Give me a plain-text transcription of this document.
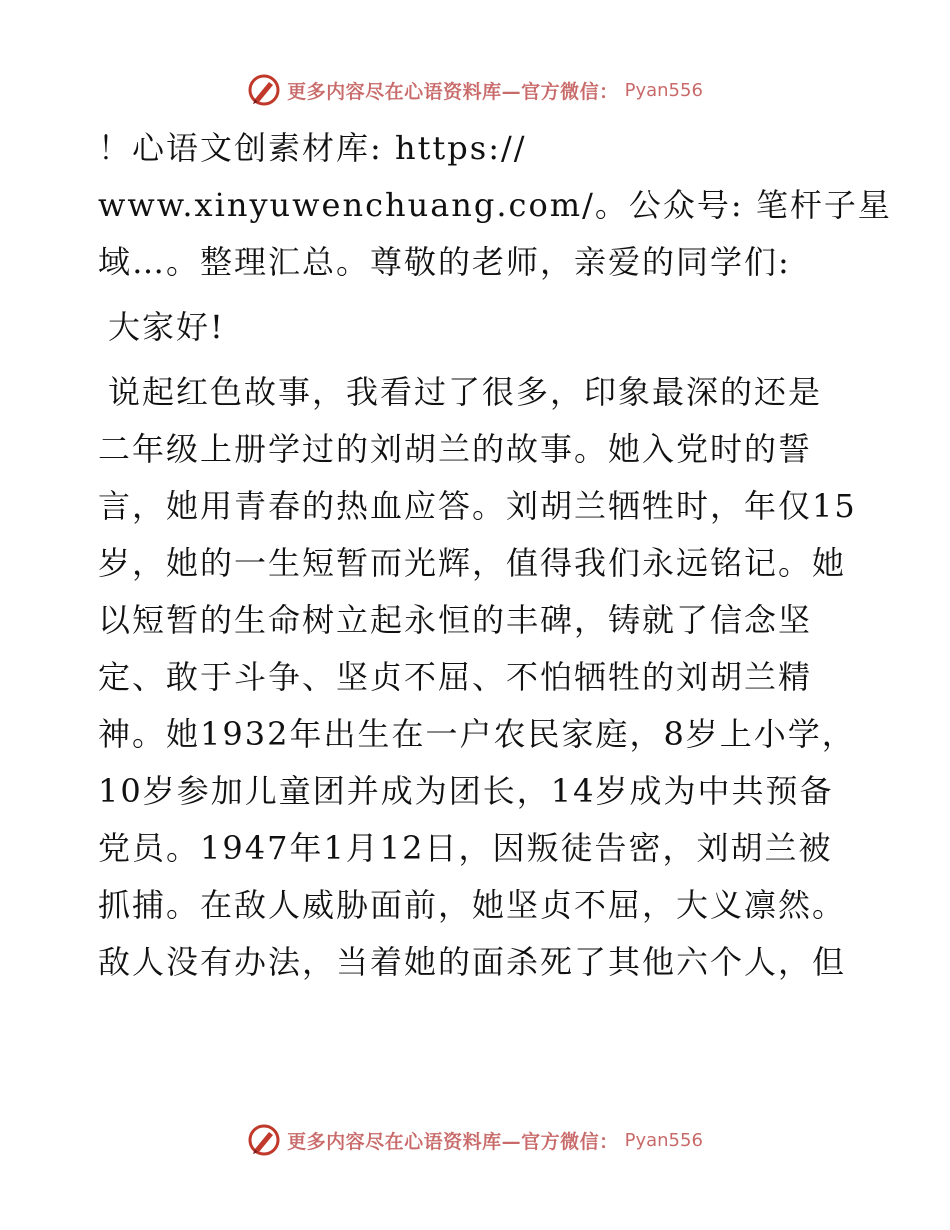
更多内容尽在心语资料库—官方微信： Pyan556
！心语文创素材库: https://
www.xinyuwenchuang.com/。公众号: 笔杆子星
域…。整理汇总。尊敬的老师，亲爱的同学们:
大家好!
说起红色故事，我看过了很多，印象最深的还是
二年级上册学过的刘胡兰的故事。她入党时的誓
言，她用青春的热血应答。刘胡兰牺牲时，年仅15
岁，她的一生短暂而光辉，值得我们永远铭记。她
以短暂的生命树立起永恒的丰碑，铸就了信念坚
定、敢于斗争、坚贞不屈、不怕牺牲的刘胡兰精
神。她1932年出生在一户农民家庭，8岁上小学，
10岁参加儿童团并成为团长，14岁成为中共预备
党员。1947年1月12日，因叛徒告密，刘胡兰被
抓捕。在敌人威胁面前，她坚贞不屈，大义凛然。
敌人没有办法，当着她的面杀死了其他六个人，但
更多内容尽在心语资料库—官方微信： Pyan556
